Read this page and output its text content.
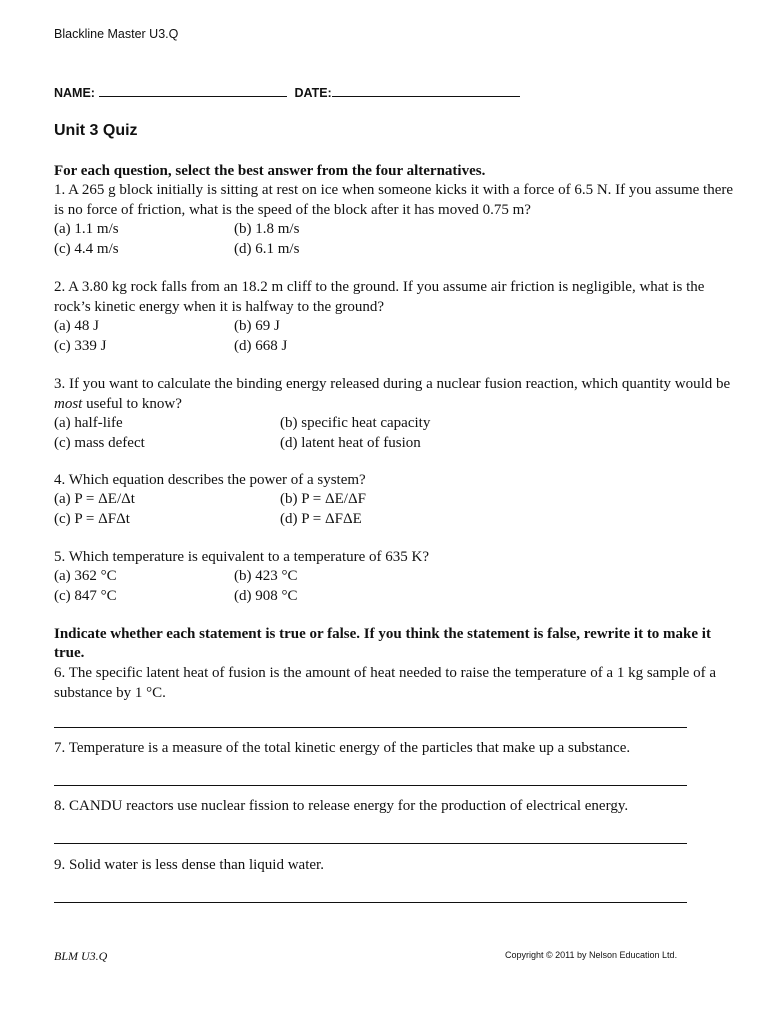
Blackline Master U3.Q
NAME:	DATE:
Unit 3 Quiz
For each question, select the best answer from the four alternatives.
1. A 265 g block initially is sitting at rest on ice when someone kicks it with a force of 6.5 N. If you assume there is no force of friction, what is the speed of the block after it has moved 0.75 m?
(a) 1.1 m/s	(b) 1.8 m/s
(c) 4.4 m/s	(d) 6.1 m/s
2. A 3.80 kg rock falls from an 18.2 m cliff to the ground. If you assume air friction is negligible, what is the rock’s kinetic energy when it is halfway to the ground?
(a) 48 J	(b) 69 J
(c) 339 J	(d) 668 J
3. If you want to calculate the binding energy released during a nuclear fusion reaction, which quantity would be most useful to know?
(a) half-life	(b) specific heat capacity
(c) mass defect	(d) latent heat of fusion
4. Which equation describes the power of a system?
(a) P = ΔE/Δt	(b) P = ΔE/ΔF
(c) P = ΔFΔt	(d) P = ΔFΔE
5. Which temperature is equivalent to a temperature of 635 K?
(a) 362 °C	(b) 423 °C
(c) 847 °C	(d) 908 °C
Indicate whether each statement is true or false. If you think the statement is false, rewrite it to make it true.
6. The specific latent heat of fusion is the amount of heat needed to raise the temperature of a 1 kg sample of a substance by 1 °C.
7. Temperature is a measure of the total kinetic energy of the particles that make up a substance.
8. CANDU reactors use nuclear fission to release energy for the production of electrical energy.
9. Solid water is less dense than liquid water.
BLM U3.Q	Copyright © 2011 by Nelson Education Ltd.
